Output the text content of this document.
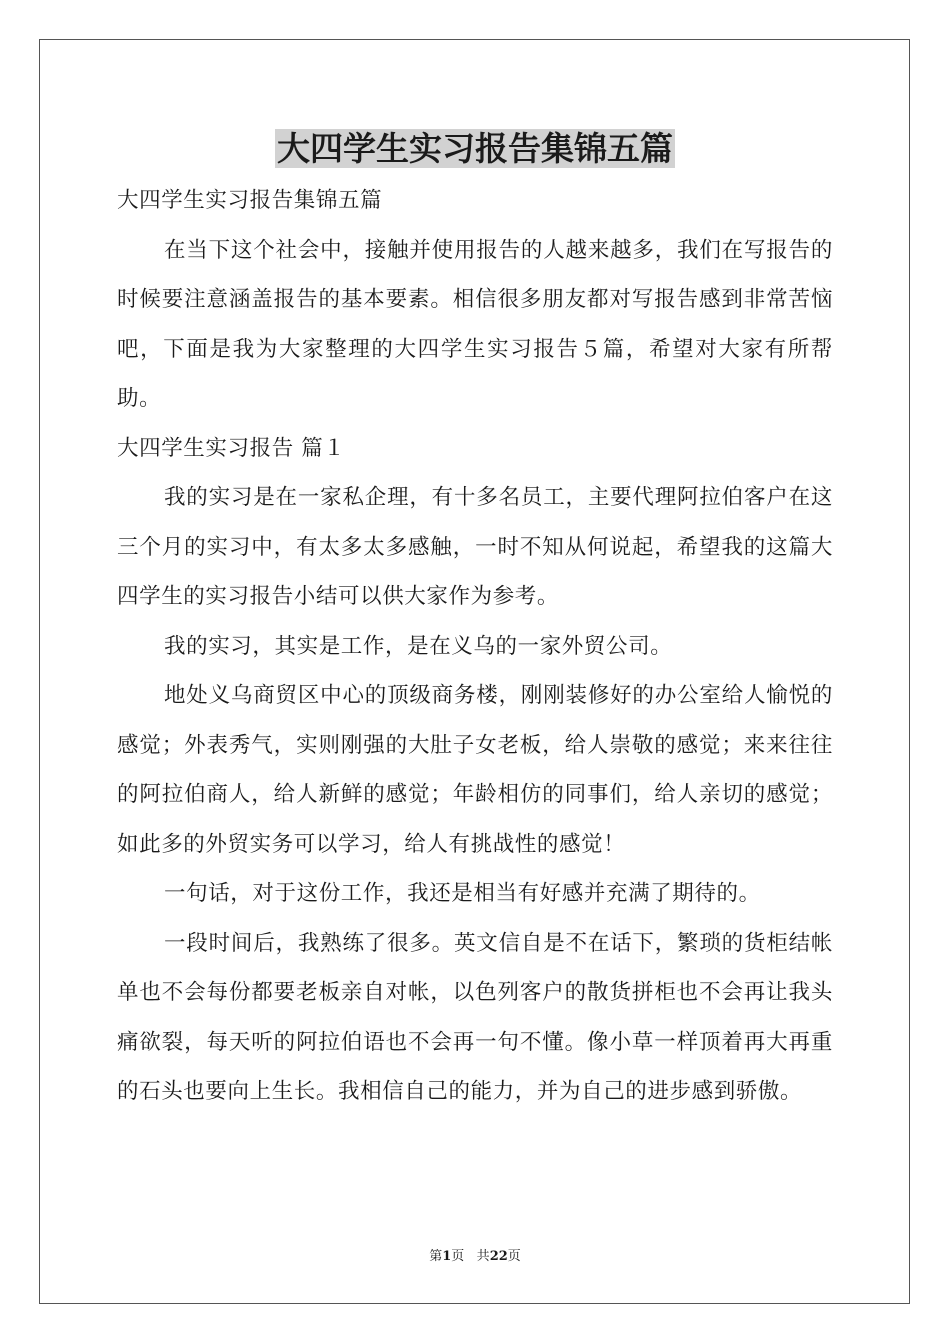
大四学生实习报告集锦五篇

大四学生实习报告集锦五篇

在当下这个社会中，接触并使用报告的人越来越多，我们在写报告的时候要注意涵盖报告的基本要素。相信很多朋友都对写报告感到非常苦恼吧，下面是我为大家整理的大四学生实习报告５篇，希望对大家有所帮助。

大四学生实习报告 篇１

我的实习是在一家私企理，有十多名员工，主要代理阿拉伯客户在这三个月的实习中，有太多太多感触，一时不知从何说起，希望我的这篇大四学生的实习报告小结可以供大家作为参考。

我的实习，其实是工作，是在义乌的一家外贸公司。

地处义乌商贸区中心的顶级商务楼，刚刚装修好的办公室给人愉悦的感觉；外表秀气，实则刚强的大肚子女老板，给人崇敬的感觉；来来往往的阿拉伯商人，给人新鲜的感觉；年龄相仿的同事们，给人亲切的感觉；如此多的外贸实务可以学习，给人有挑战性的感觉！

一句话，对于这份工作，我还是相当有好感并充满了期待的。

一段时间后，我熟练了很多。英文信自是不在话下，繁琐的货柜结帐单也不会每份都要老板亲自对帐，以色列客户的散货拼柜也不会再让我头痛欲裂，每天听的阿拉伯语也不会再一句不懂。像小草一样顶着再大再重的石头也要向上生长。我相信自己的能力，并为自己的进步感到骄傲。

第1页 共22页
